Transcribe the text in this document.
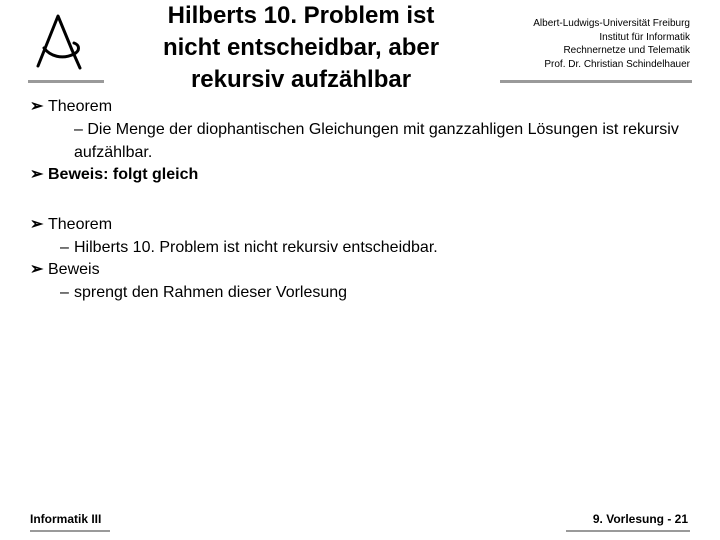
Hilberts 10. Problem ist
nicht entscheidbar, aber
rekursiv aufzählbar
Albert-Ludwigs-Universität Freiburg
Institut für Informatik
Rechnernetze und Telematik
Prof. Dr. Christian Schindelhauer
➢ Theorem
– Die Menge der diophantischen Gleichungen mit ganzzahligen Lösungen ist rekursiv aufzählbar.
➢ Beweis: folgt gleich
➢ Theorem
– Hilberts 10. Problem ist nicht rekursiv entscheidbar.
➢ Beweis
– sprengt den Rahmen dieser Vorlesung
Informatik III	9. Vorlesung - 21
